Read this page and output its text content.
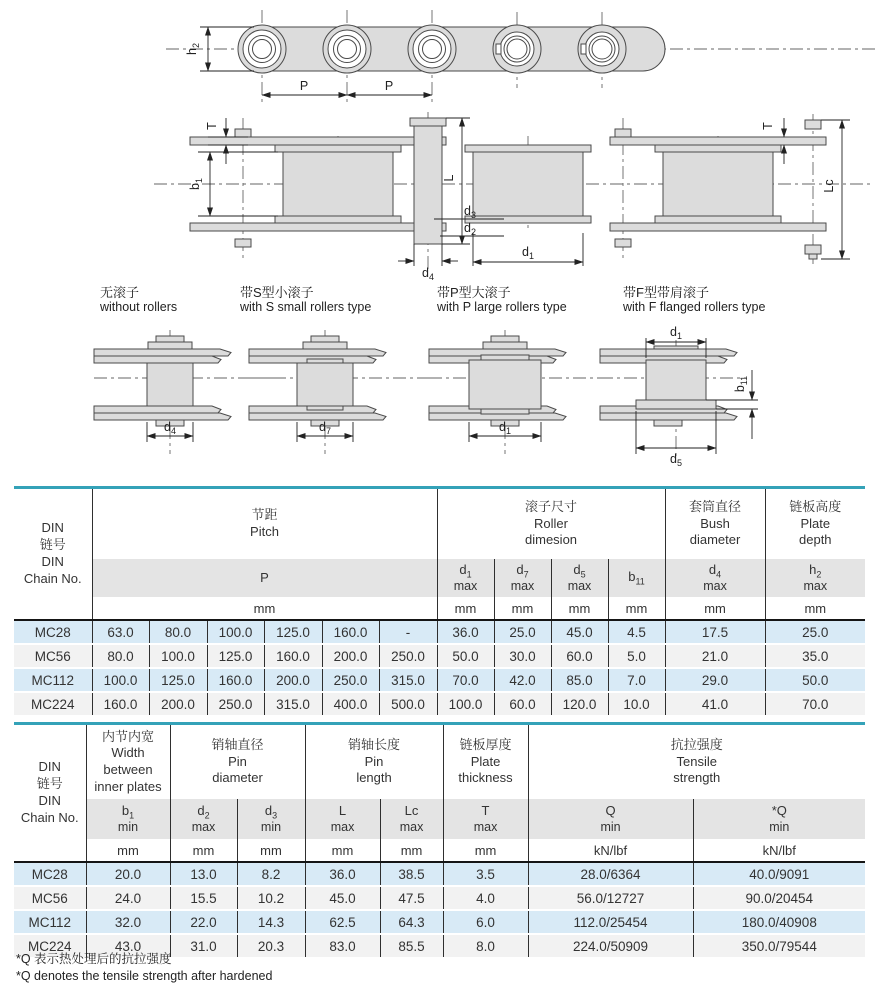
$h_2$
P	P
T
$b_1$	L
$d_3$
$d_2$
$d_4$
$d_1$
T
Lc
无滚子
without rollers
带S型小滚子
with S small rollers type
带P型大滚子
with P large rollers type
带F型带肩滚子
with F flanged rollers type
$d_4$	$d_7$	$d_1$
$d_1$
$b_{11}$
$d_5$
DIN
链号
DIN
Chain No.

节距
Pitch

滚子尺寸
Roller
dimesion

套筒直径
Bush
diameter

链板高度
Plate
depth

P	
$d_1$
max

$d_7$
max

$d_5$
max

$b_{11}$

$d_4$
max

$h_2$
max

	mm						mm	mm	mm	mm	mm	mm
MC28	63.0	80.0	100.0	125.0	160.0	-	36.0	25.0	45.0	4.5	17.5	25.0
MC56	80.0	100.0	125.0	160.0	200.0	250.0	50.0	30.0	60.0	5.0	21.0	35.0
MC112	100.0	125.0	160.0	200.0	250.0	315.0	70.0	42.0	85.0	7.0	29.0	50.0
MC224	160.0	200.0	250.0	315.0	400.0	500.0	100.0	60.0	120.0	10.0	41.0	70.0
DIN
链号
DIN
Chain No.

内节内宽
Width
between
inner plates

销轴直径
Pin
diameter

销轴长度
Pin
length

链板厚度
Plate
thickness

抗拉强度
Tensile
strength

$b_1$
min

$d_2$
max

$d_3$
min

L
max

Lc
max

T
max

Q
min

*Q
min

	mm	mm	mm	mm	mm	mm	kN/lbf	kN/lbf
MC28	20.0	13.0	8.2	36.0	38.5	3.5	28.0/6364	40.0/9091
MC56	24.0	15.5	10.2	45.0	47.5	4.0	56.0/12727	90.0/20454
MC112	32.0	22.0	14.3	62.5	64.3	6.0	112.0/25454	180.0/40908
MC224	43.0	31.0	20.3	83.0	85.5	8.0	224.0/50909	350.0/79544
*Q 表示热处理后的抗拉强度
*Q denotes the tensile strength after hardened
